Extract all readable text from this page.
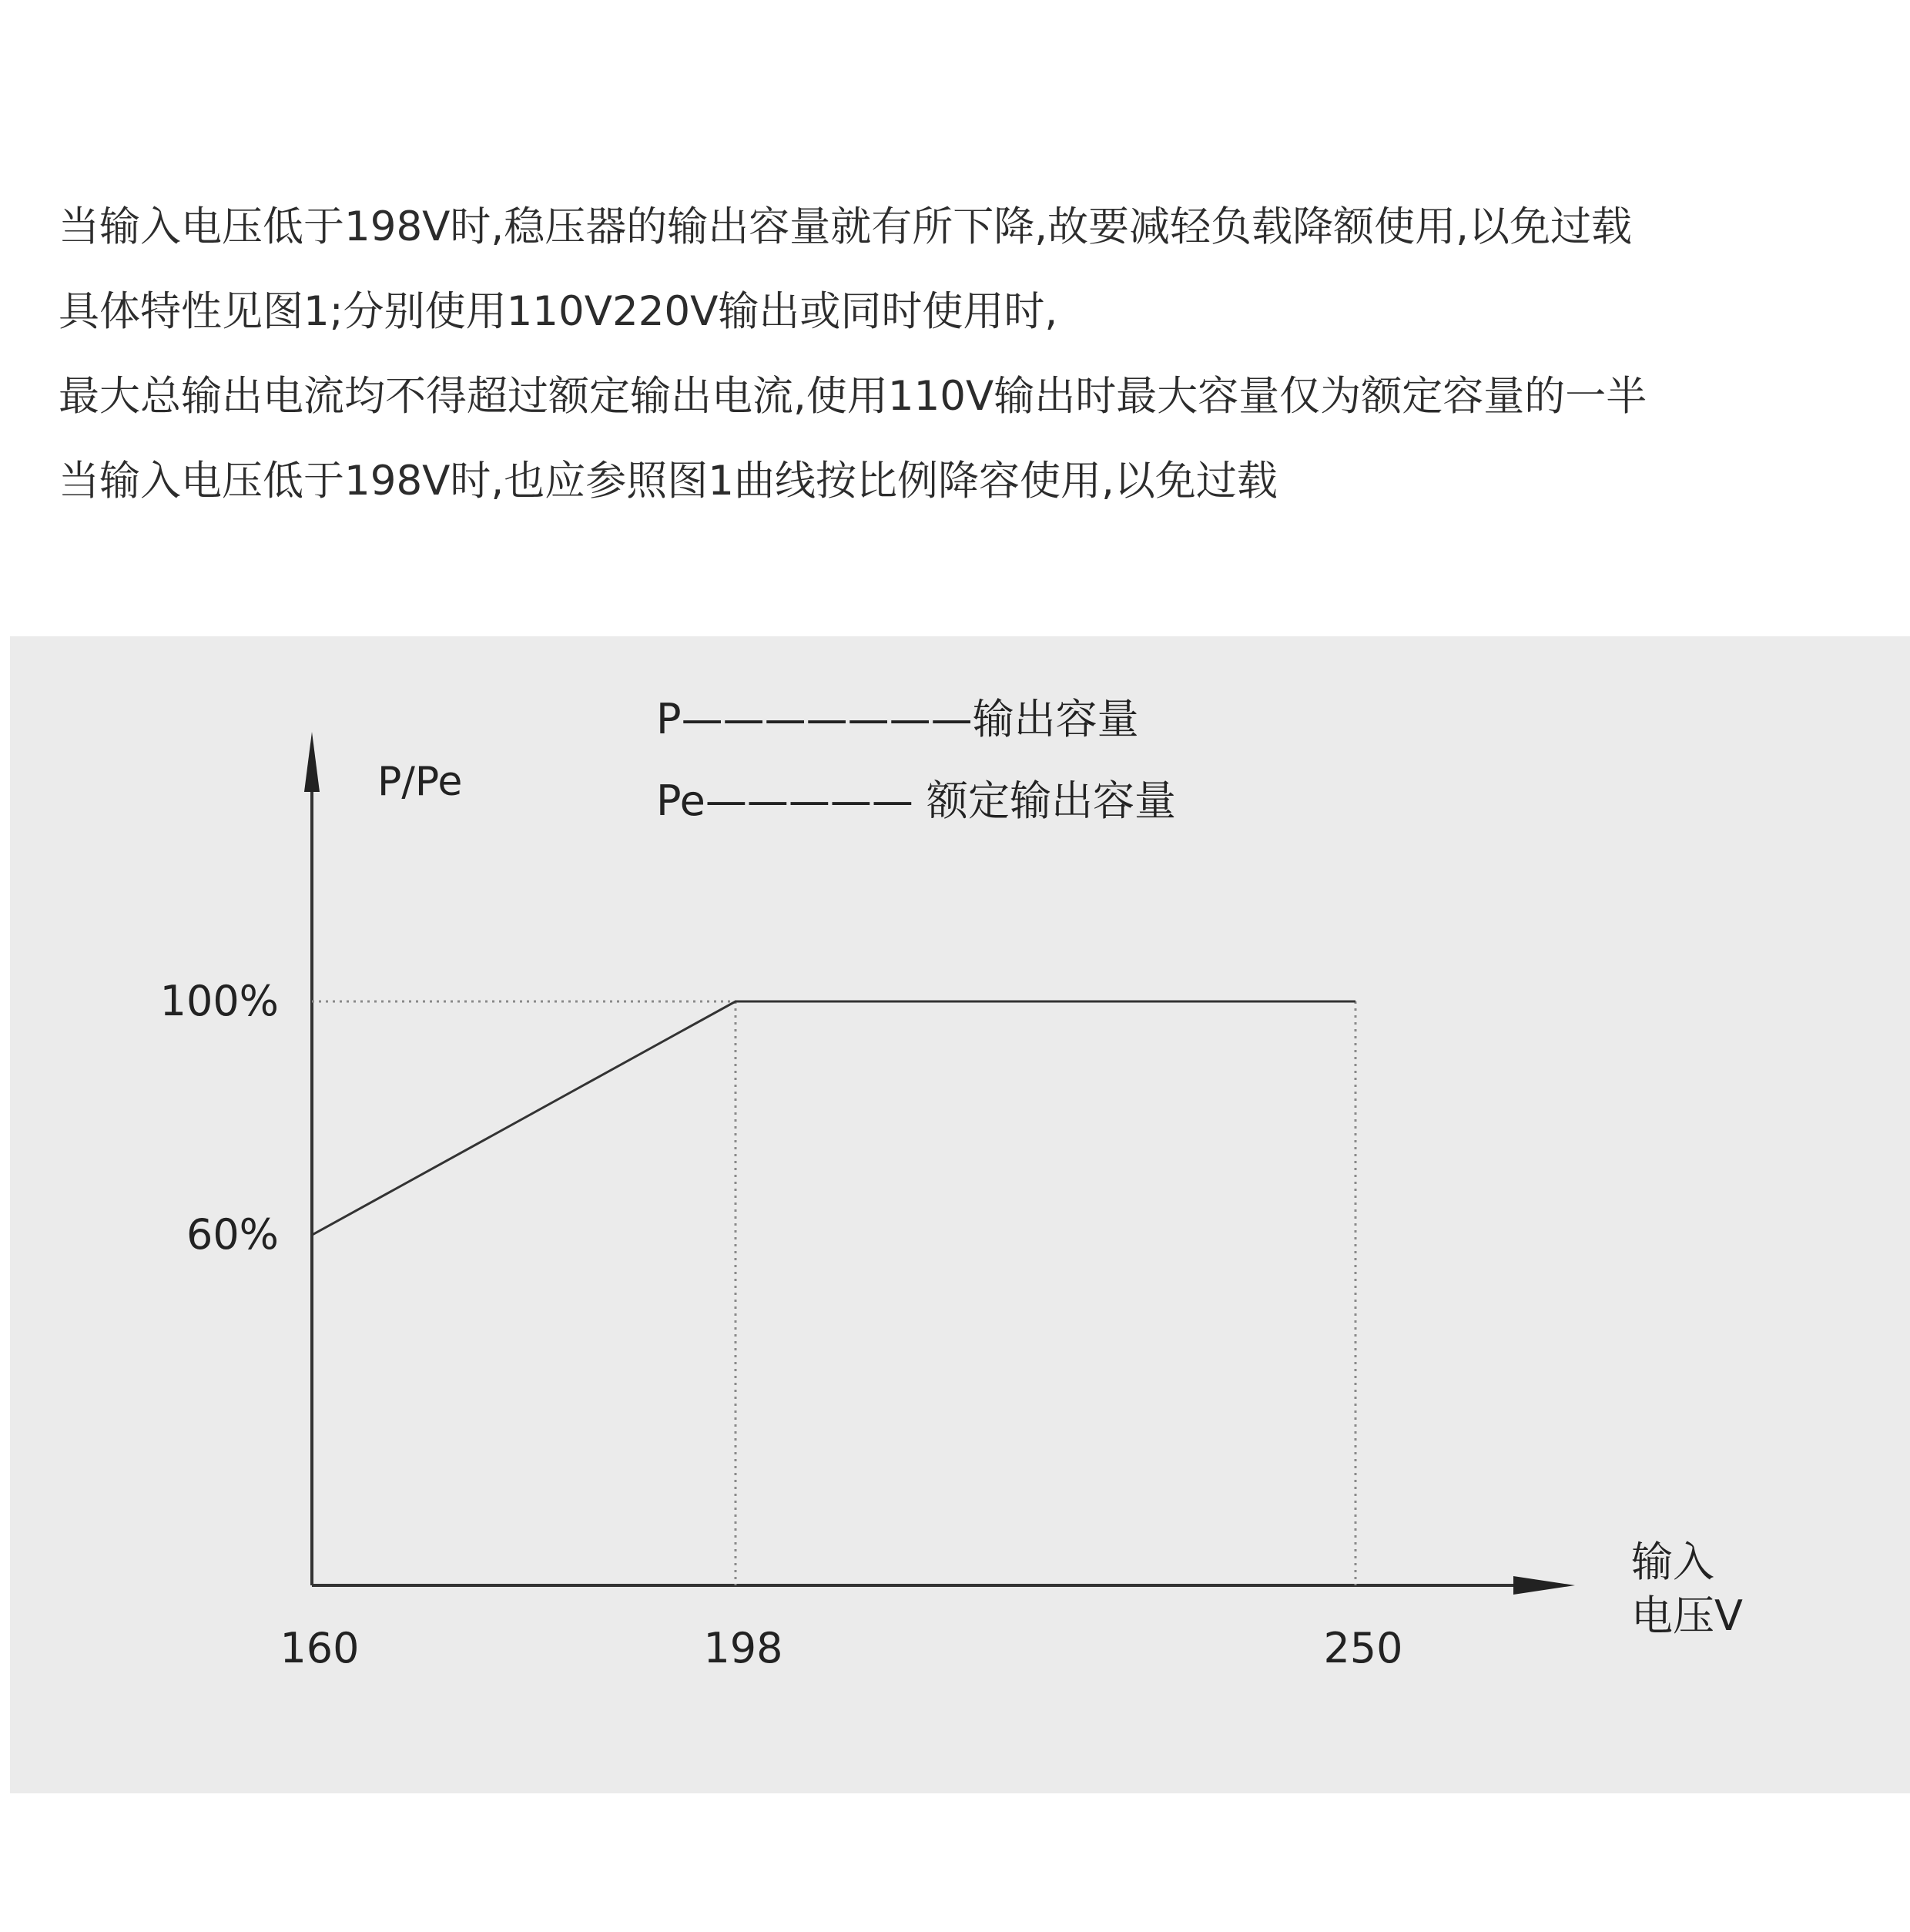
当输入电压低于198V时,稳压器的输出容量就有所下降,故要减轻负载降额使用,以免过载
具体特性见图1;分别使用110V220V输出或同时使用时,
最大总输出电流均不得超过额定输出电流,使用110V输出时最大容量仅为额定容量的一半
当输入电压低于198V时,也应参照图1曲线按比例降容使用,以免过载
P/Pe
输入 电压V
160	198	250
60%
100%
P———————输出容量
Pe————— 额定输出容量
